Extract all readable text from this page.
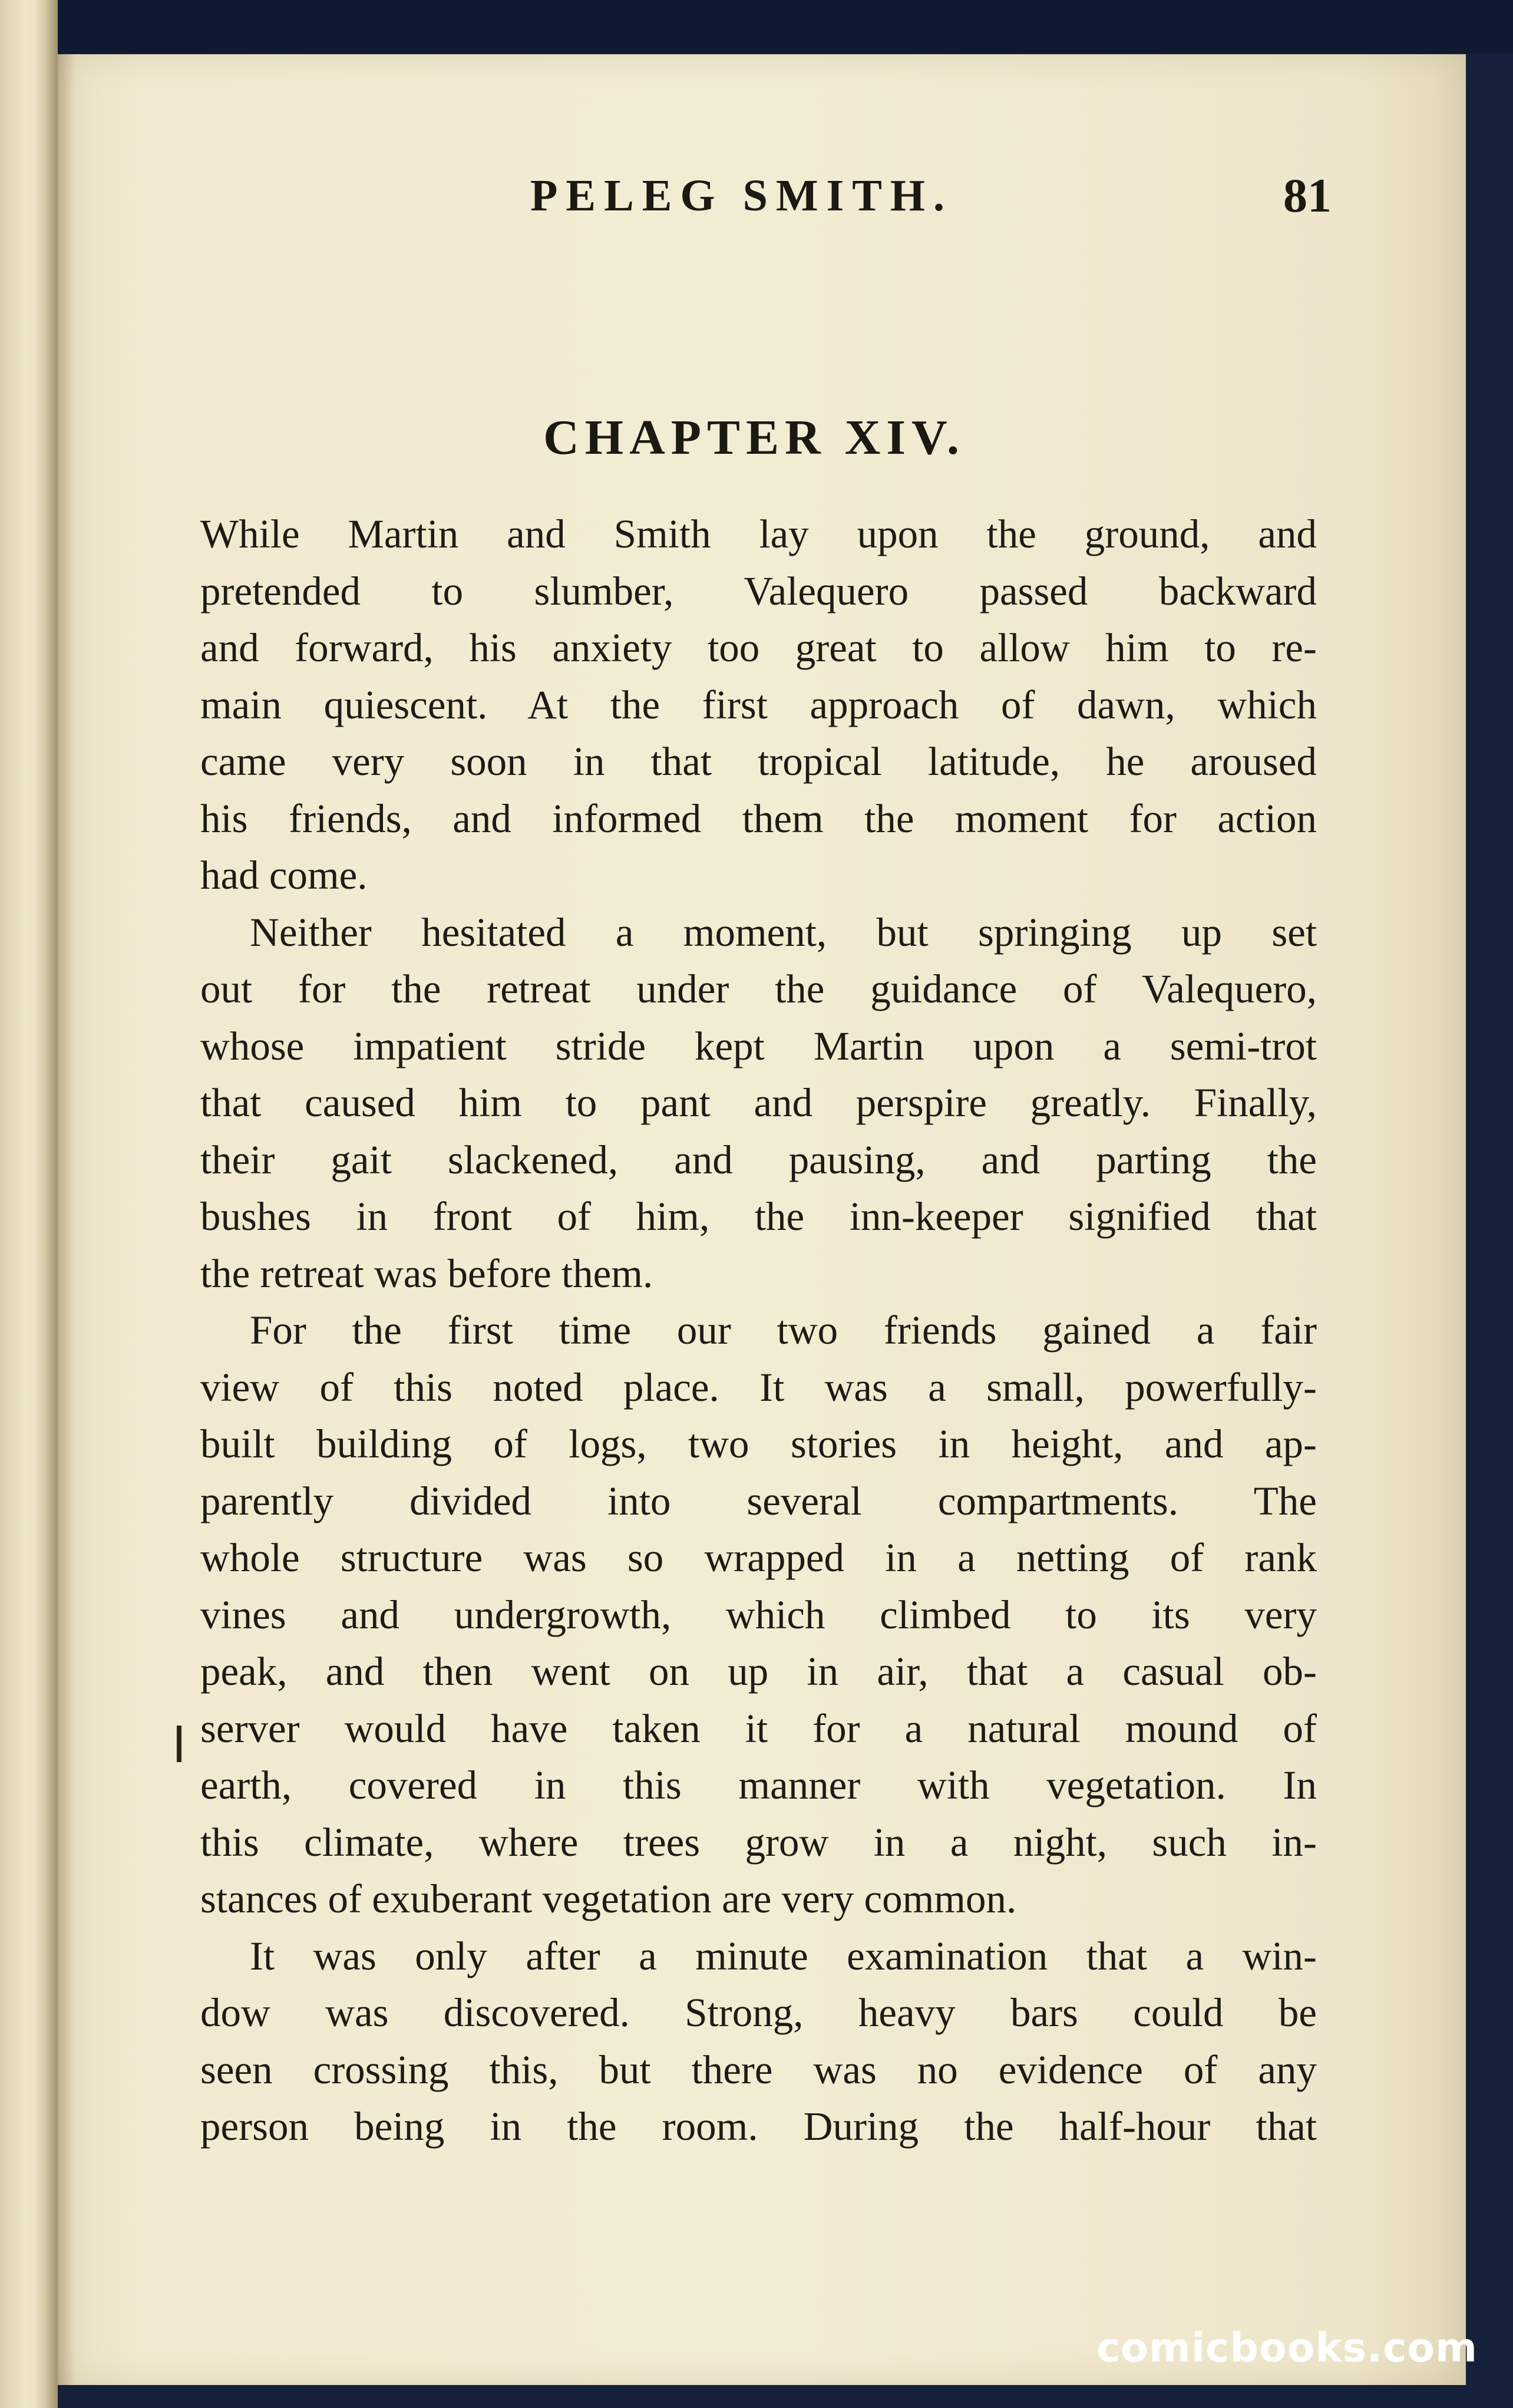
PELEG SMITH.	81
CHAPTER XIV.
While Martin and Smith lay upon the ground, and
pretended to slumber, Valequero passed backward
and forward, his anxiety too great to allow him to re-
main quiescent. At the first approach of dawn, which
came very soon in that tropical latitude, he aroused
his friends, and informed them the moment for action
had come.
Neither hesitated a moment, but springing up set
out for the retreat under the guidance of Valequero,
whose impatient stride kept Martin upon a semi-trot
that caused him to pant and perspire greatly. Finally,
their gait slackened, and pausing, and parting the
bushes in front of him, the inn-keeper signified that
the retreat was before them.
For the first time our two friends gained a fair
view of this noted place. It was a small, powerfully-
built building of logs, two stories in height, and ap-
parently divided into several compartments. The
whole structure was so wrapped in a netting of rank
vines and undergrowth, which climbed to its very
peak, and then went on up in air, that a casual ob-
server would have taken it for a natural mound of
earth, covered in this manner with vegetation. In
this climate, where trees grow in a night, such in-
stances of exuberant vegetation are very common.
It was only after a minute examination that a win-
dow was discovered. Strong, heavy bars could be
seen crossing this, but there was no evidence of any
person being in the room. During the half-hour that
comicbooks.com
